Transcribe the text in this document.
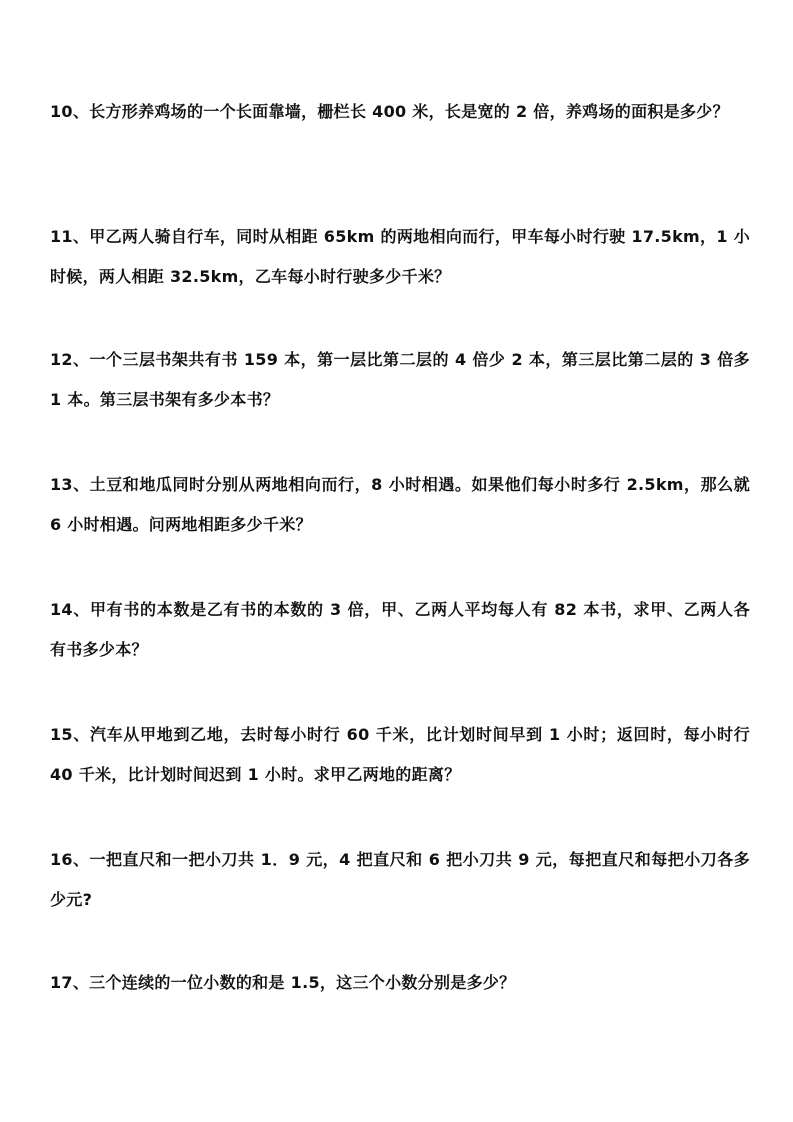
10、长方形养鸡场的一个长面靠墙，栅栏长 400 米，长是宽的 2 倍，养鸡场的面积是多少？

11、甲乙两人骑自行车，同时从相距 65km 的两地相向而行，甲车每小时行驶 17.5km，1 小时候，两人相距 32.5km，乙车每小时行驶多少千米？

12、一个三层书架共有书 159 本，第一层比第二层的 4 倍少 2 本，第三层比第二层的 3 倍多 1 本。第三层书架有多少本书？

13、土豆和地瓜同时分别从两地相向而行，8 小时相遇。如果他们每小时多行 2.5km，那么就 6 小时相遇。问两地相距多少千米？

14、甲有书的本数是乙有书的本数的 3 倍，甲、乙两人平均每人有 82 本书，求甲、乙两人各有书多少本？

15、汽车从甲地到乙地，去时每小时行 60 千米，比计划时间早到 1 小时；返回时，每小时行 40 千米，比计划时间迟到 1 小时。求甲乙两地的距离？

16、一把直尺和一把小刀共 1．9 元，4 把直尺和 6 把小刀共 9 元，每把直尺和每把小刀各多少元?

17、三个连续的一位小数的和是 1.5，这三个小数分别是多少？
